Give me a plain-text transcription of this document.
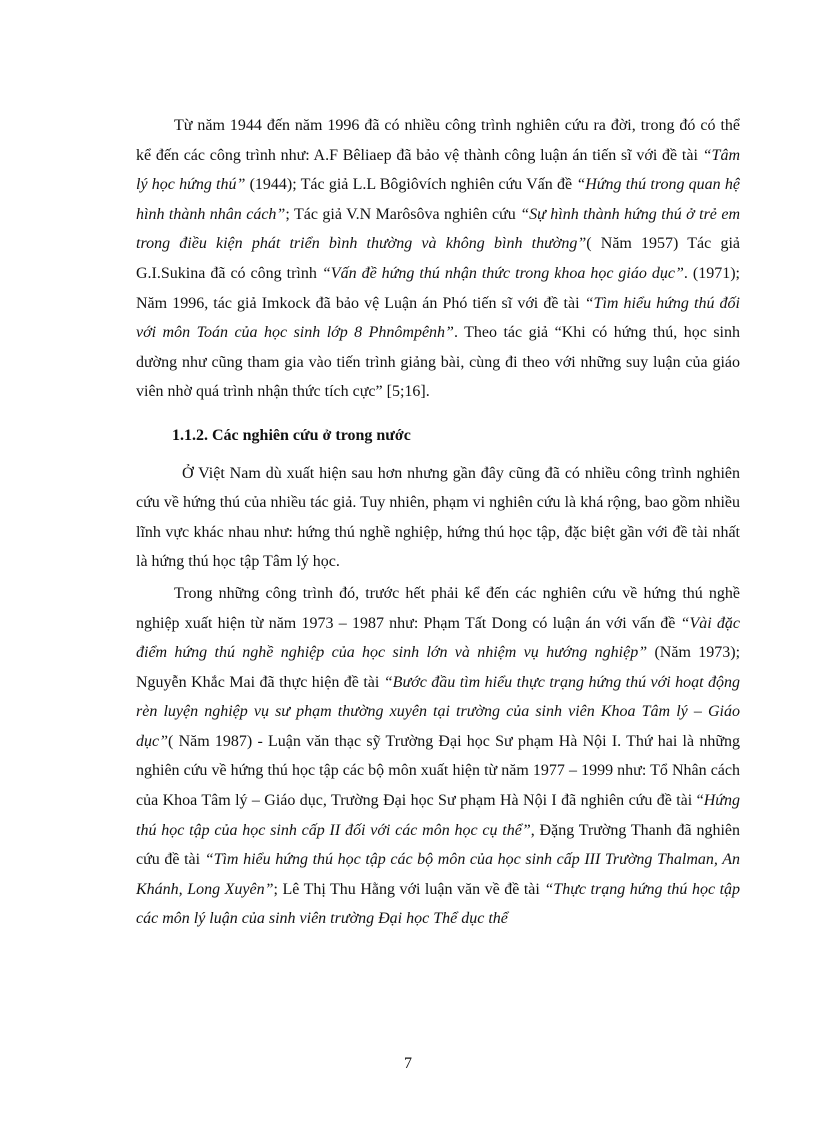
Từ năm 1944 đến năm 1996 đã có nhiều công trình nghiên cứu ra đời, trong đó có thể kể đến các công trình như: A.F Bêliaep đã bảo vệ thành công luận án tiến sĩ với đề tài “Tâm lý học hứng thú” (1944); Tác giả L.L Bôgiôvích nghiên cứu Vấn đề “Hứng thú trong quan hệ hình thành nhân cách”; Tác giả V.N Marôsôva nghiên cứu “Sự hình thành hứng thú ở trẻ em trong điều kiện phát triển bình thường và không bình thường”( Năm 1957) Tác giả G.I.Sukina đã có công trình “Vấn đề hứng thú nhận thức trong khoa học giáo dục”. (1971); Năm 1996, tác giả Imkock đã bảo vệ Luận án Phó tiến sĩ với đề tài “Tìm hiểu hứng thú đối với môn Toán của học sinh lớp 8 Phnômpênh”. Theo tác giả “Khi có hứng thú, học sinh dường như cũng tham gia vào tiến trình giảng bài, cùng đi theo với những suy luận của giáo viên nhờ quá trình nhận thức tích cực” [5;16].

1.1.2. Các nghiên cứu ở trong nước

Ở Việt Nam dù xuất hiện sau hơn nhưng gần đây cũng đã có nhiều công trình nghiên cứu về hứng thú của nhiều tác giả. Tuy nhiên, phạm vi nghiên cứu là khá rộng, bao gồm nhiều lĩnh vực khác nhau như: hứng thú nghề nghiệp, hứng thú học tập, đặc biệt gần với đề tài nhất là hứng thú học tập Tâm lý học.

Trong những công trình đó, trước hết phải kể đến các nghiên cứu về hứng thú nghề nghiệp xuất hiện từ năm 1973 – 1987 như: Phạm Tất Dong có luận án với vấn đề “Vài đặc điểm hứng thú nghề nghiệp của học sinh lớn và nhiệm vụ hướng nghiệp” (Năm 1973); Nguyễn Khắc Mai đã thực hiện đề tài “Bước đầu tìm hiểu thực trạng hứng thú với hoạt động rèn luyện nghiệp vụ sư phạm thường xuyên tại trường của sinh viên Khoa Tâm lý – Giáo dục”( Năm 1987) - Luận văn thạc sỹ Trường Đại học Sư phạm Hà Nội I. Thứ hai là những nghiên cứu về hứng thú học tập các bộ môn xuất hiện từ năm 1977 – 1999 như: Tổ Nhân cách của Khoa Tâm lý – Giáo dục, Trường Đại học Sư phạm Hà Nội I đã nghiên cứu đề tài “Hứng thú học tập của học sinh cấp II đối với các môn học cụ thể”, Đặng Trường Thanh đã nghiên cứu đề tài “Tìm hiểu hứng thú học tập các bộ môn của học sinh cấp III Trường Thalman, An Khánh, Long Xuyên”; Lê Thị Thu Hằng với luận văn về đề tài “Thực trạng hứng thú học tập các môn lý luận của sinh viên trường Đại học Thể dục thể

7
